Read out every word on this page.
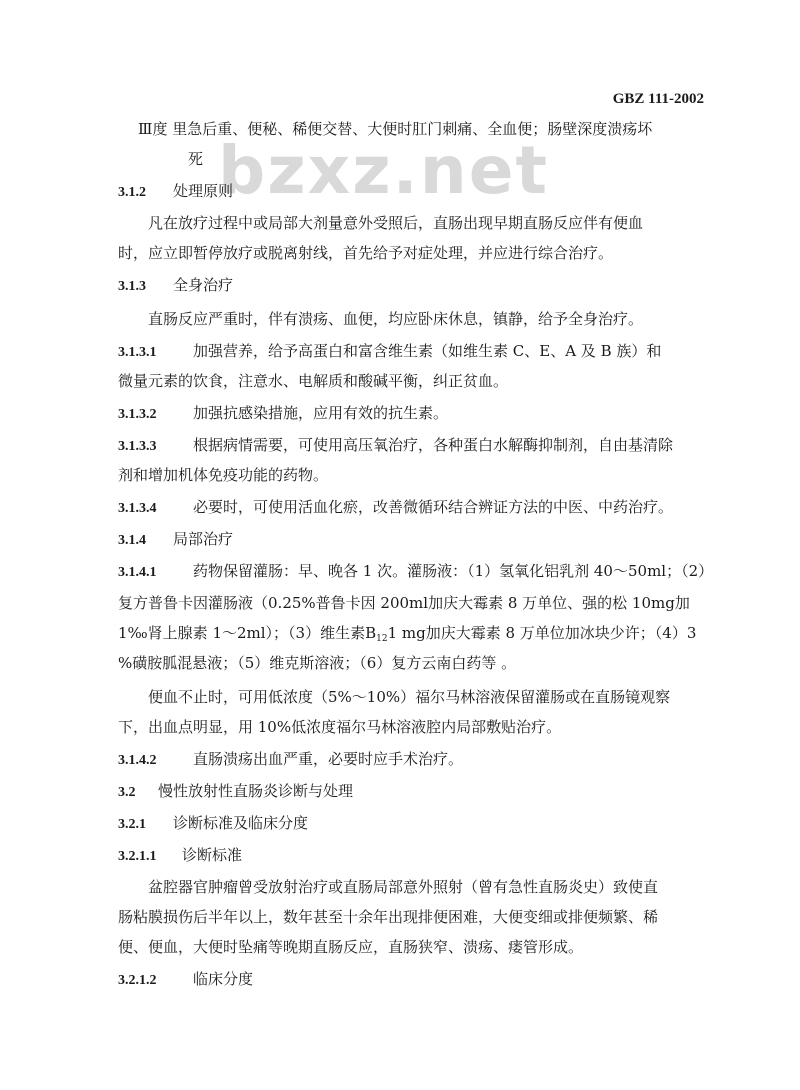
bzxz.net
GBZ 111-2002
Ⅲ度 里急后重、便秘、稀便交替、大便时肛门刺痛、全血便；肠壁深度溃疡坏
死
3.1.2 处理原则
凡在放疗过程中或局部大剂量意外受照后，直肠出现早期直肠反应伴有便血
时，应立即暂停放疗或脱离射线，首先给予对症处理，并应进行综合治疗。
3.1.3 全身治疗
直肠反应严重时，伴有溃疡、血便，均应卧床休息，镇静，给予全身治疗。
3.1.3.1 加强营养，给予高蛋白和富含维生素（如维生素 C、E、A 及 B 族）和
微量元素的饮食，注意水、电解质和酸碱平衡，纠正贫血。
3.1.3.2 加强抗感染措施，应用有效的抗生素。
3.1.3.3 根据病情需要，可使用高压氧治疗，各种蛋白水解酶抑制剂，自由基清除
剂和增加机体免疫功能的药物。
3.1.3.4 必要时，可使用活血化瘀，改善微循环结合辨证方法的中医、中药治疗。
3.1.4 局部治疗
3.1.4.1 药物保留灌肠：早、晚各 1 次。灌肠液：（1）氢氧化铝乳剂 40～50ml；（2）
复方普鲁卡因灌肠液（0.25%普鲁卡因 200ml加庆大霉素 8 万单位、强的松 10mg加
1‰肾上腺素 1～2ml）；（3）维生素$B_{12}1$ mg加庆大霉素 8 万单位加冰块少许；（4）3
%磺胺胍混悬液；（5）维克斯溶液；（6）复方云南白药等 。
便血不止时，可用低浓度（5%～10%）福尔马林溶液保留灌肠或在直肠镜观察
下，出血点明显，用 10%低浓度福尔马林溶液腔内局部敷贴治疗。
3.1.4.2 直肠溃疡出血严重，必要时应手术治疗。
3.2 慢性放射性直肠炎诊断与处理
3.2.1 诊断标准及临床分度
3.2.1.1 诊断标准
盆腔器官肿瘤曾受放射治疗或直肠局部意外照射（曾有急性直肠炎史）致使直
肠粘膜损伤后半年以上，数年甚至十余年出现排便困难，大便变细或排便频繁、稀
便、便血，大便时坠痛等晚期直肠反应，直肠狭窄、溃疡、瘘管形成。
3.2.1.2 临床分度
